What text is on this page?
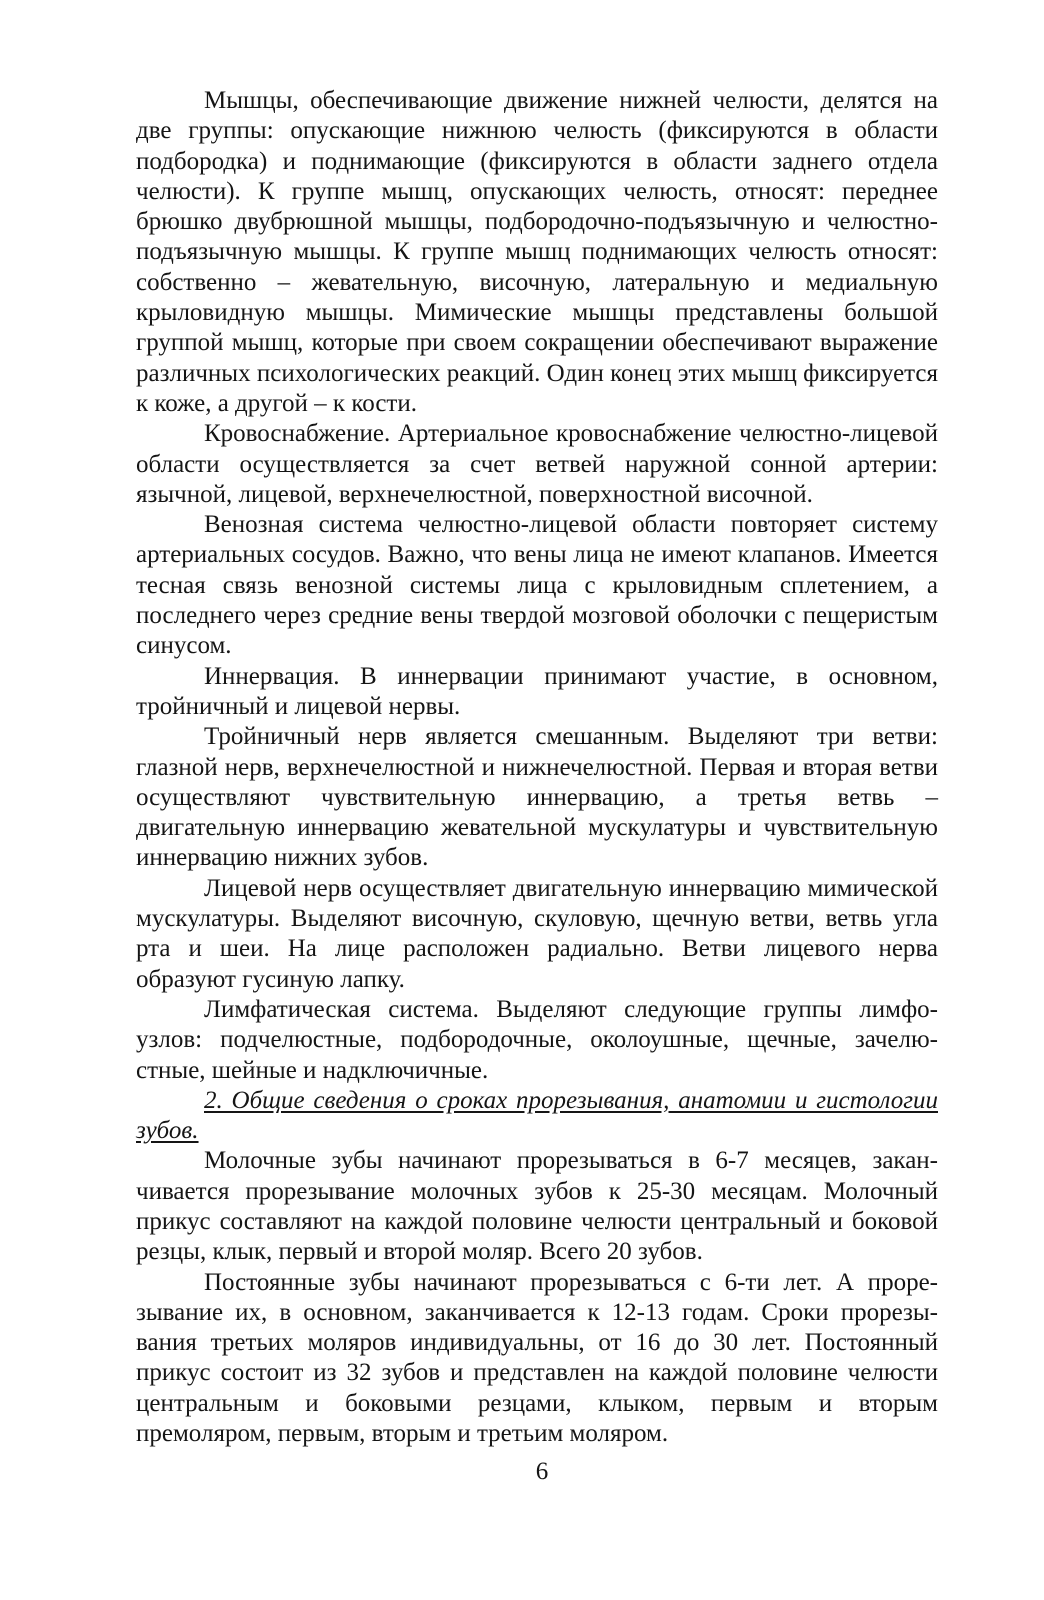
Мышцы, обеспечивающие движение нижней челюсти, делятся на две группы: опускающие нижнюю челюсть (фиксируются в области подбородка) и поднимающие (фиксируются в области заднего отдела челюсти). К группе мышц, опускающих челюсть, относят: переднее брюшко двубрюшной мышцы, подбородочно-подъязычную и челюстно-подъязычную мышцы. К группе мышц поднимающих челюсть относят: собственно – жевательную, височную, латеральную и медиальную крыловидную мышцы. Мимические мышцы представлены большой группой мышц, которые при своем сокращении обеспечивают выражение различных психологических реакций. Один конец этих мышц фиксируется к коже, а другой – к кости.

Кровоснабжение. Артериальное кровоснабжение челюстно-лицевой области осуществляется за счет ветвей наружной сонной артерии: язычной, лицевой, верхнечелюстной, поверхностной височной.

Венозная система челюстно-лицевой области повторяет систему артериальных сосудов. Важно, что вены лица не имеют клапанов. Имеется тесная связь венозной системы лица с крыловидным сплетением, а последнего через средние вены твердой мозговой оболочки с пещеристым синусом.

Иннервация. В иннервации принимают участие, в основном, тройничный и лицевой нервы.

Тройничный нерв является смешанным. Выделяют три ветви: глазной нерв, верхнечелюстной и нижнечелюстной. Первая и вторая ветви осуществляют чувствительную иннервацию, а третья ветвь – двигательную иннервацию жевательной мускулатуры и чувствительную иннервацию нижних зубов.

Лицевой нерв осуществляет двигательную иннервацию мимической мускулатуры. Выделяют височную, скуловую, щечную ветви, ветвь угла рта и шеи. На лице расположен радиально. Ветви лицевого нерва образуют гусиную лапку.

Лимфатическая система. Выделяют следующие группы лимфоузлов: подчелюстные, подбородочные, околоушные, щечные, зачелюстные, шейные и надключичные.

2. Общие сведения о сроках прорезывания, анатомии и гистологии зубов.

Молочные зубы начинают прорезываться в 6-7 месяцев, заканчивается прорезывание молочных зубов к 25-30 месяцам. Молочный прикус составляют на каждой половине челюсти центральный и боковой резцы, клык, первый и второй моляр. Всего 20 зубов.

Постоянные зубы начинают прорезываться с 6-ти лет. А прорезывание их, в основном, заканчивается к 12-13 годам. Сроки прорезывания третьих моляров индивидуальны, от 16 до 30 лет. Постоянный прикус состоит из 32 зубов и представлен на каждой половине челюсти центральным и боковыми резцами, клыком, первым и вторым премоляром, первым, вторым и третьим моляром.

6
